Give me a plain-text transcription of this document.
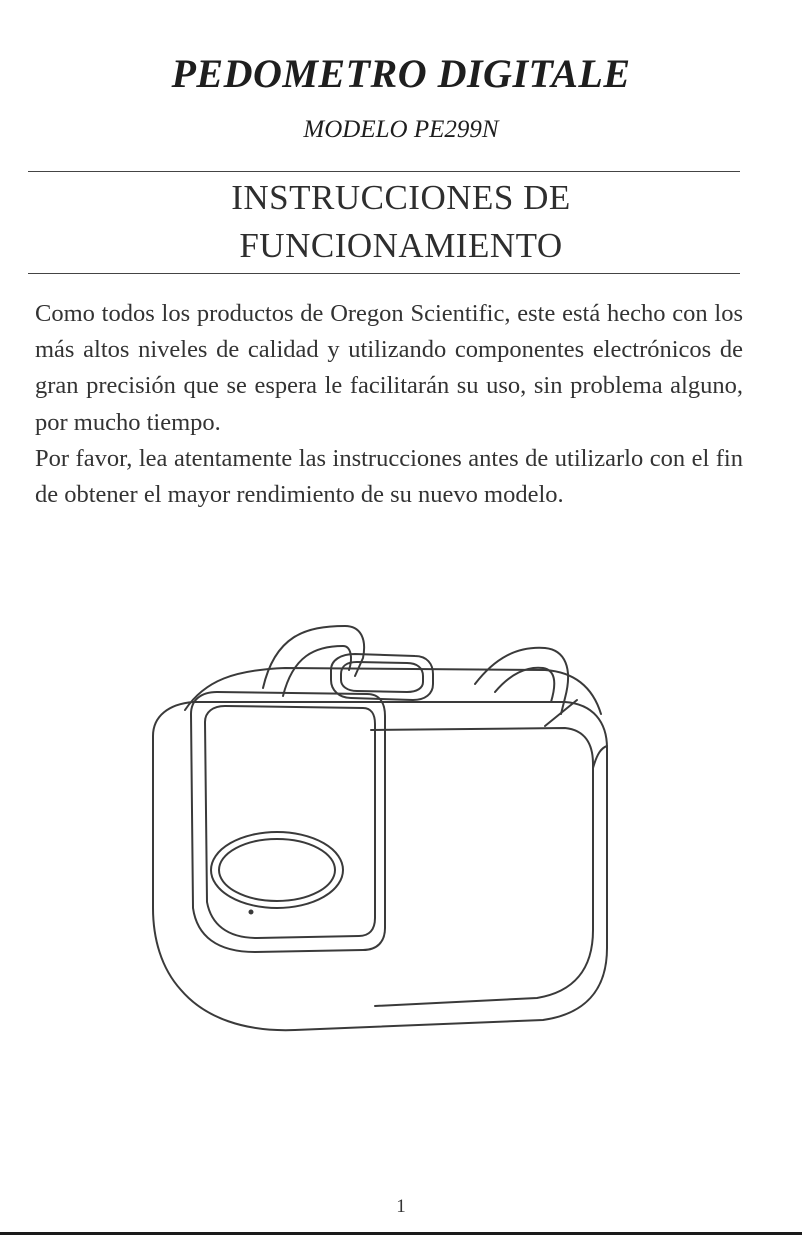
PEDOMETRO DIGITALE
MODELO PE299N
INSTRUCCIONES DE
FUNCIONAMIENTO

Como todos los productos de Oregon Scientific, este está hecho con los más altos niveles de calidad y utilizando componentes electrónicos de gran precisión que se espera le facilitarán su uso, sin problema alguno, por mucho tiempo.

Por favor, lea atentamente las instrucciones antes de utilizarlo con el fin de obtener el mayor rendimiento de su nuevo modelo.

1
